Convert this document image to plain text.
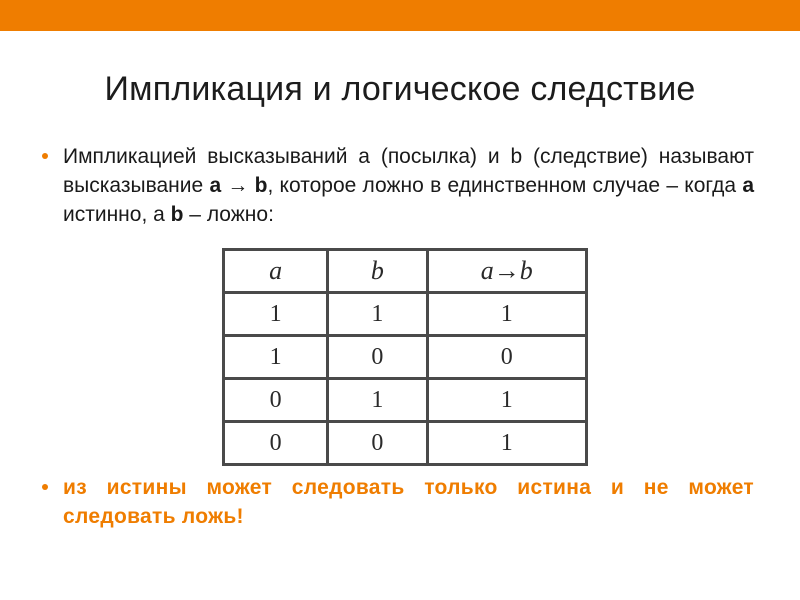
Импликация и логическое следствие
Импликацией высказываний a (посылка) и b (следствие) называют высказывание a → b, которое ложно в единственном случае – когда a истинно, а b – ложно:
a	b	a→b
1	1	1
1	0	0
0	1	1
0	0	1
из истины может следовать только истина и не может следовать ложь!
